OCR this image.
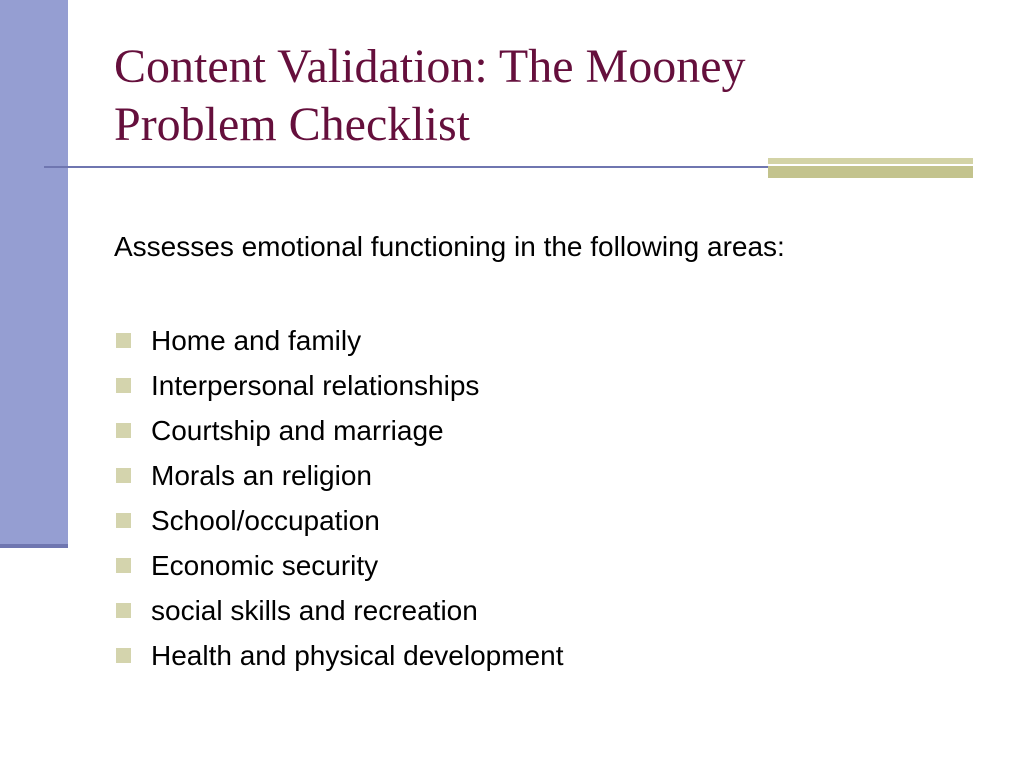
Content Validation: The Mooney
Problem Checklist

Assesses emotional functioning in the following areas:

Home and family
Interpersonal relationships
Courtship and marriage
Morals an religion
School/occupation
Economic security
social skills and recreation
Health and physical development
